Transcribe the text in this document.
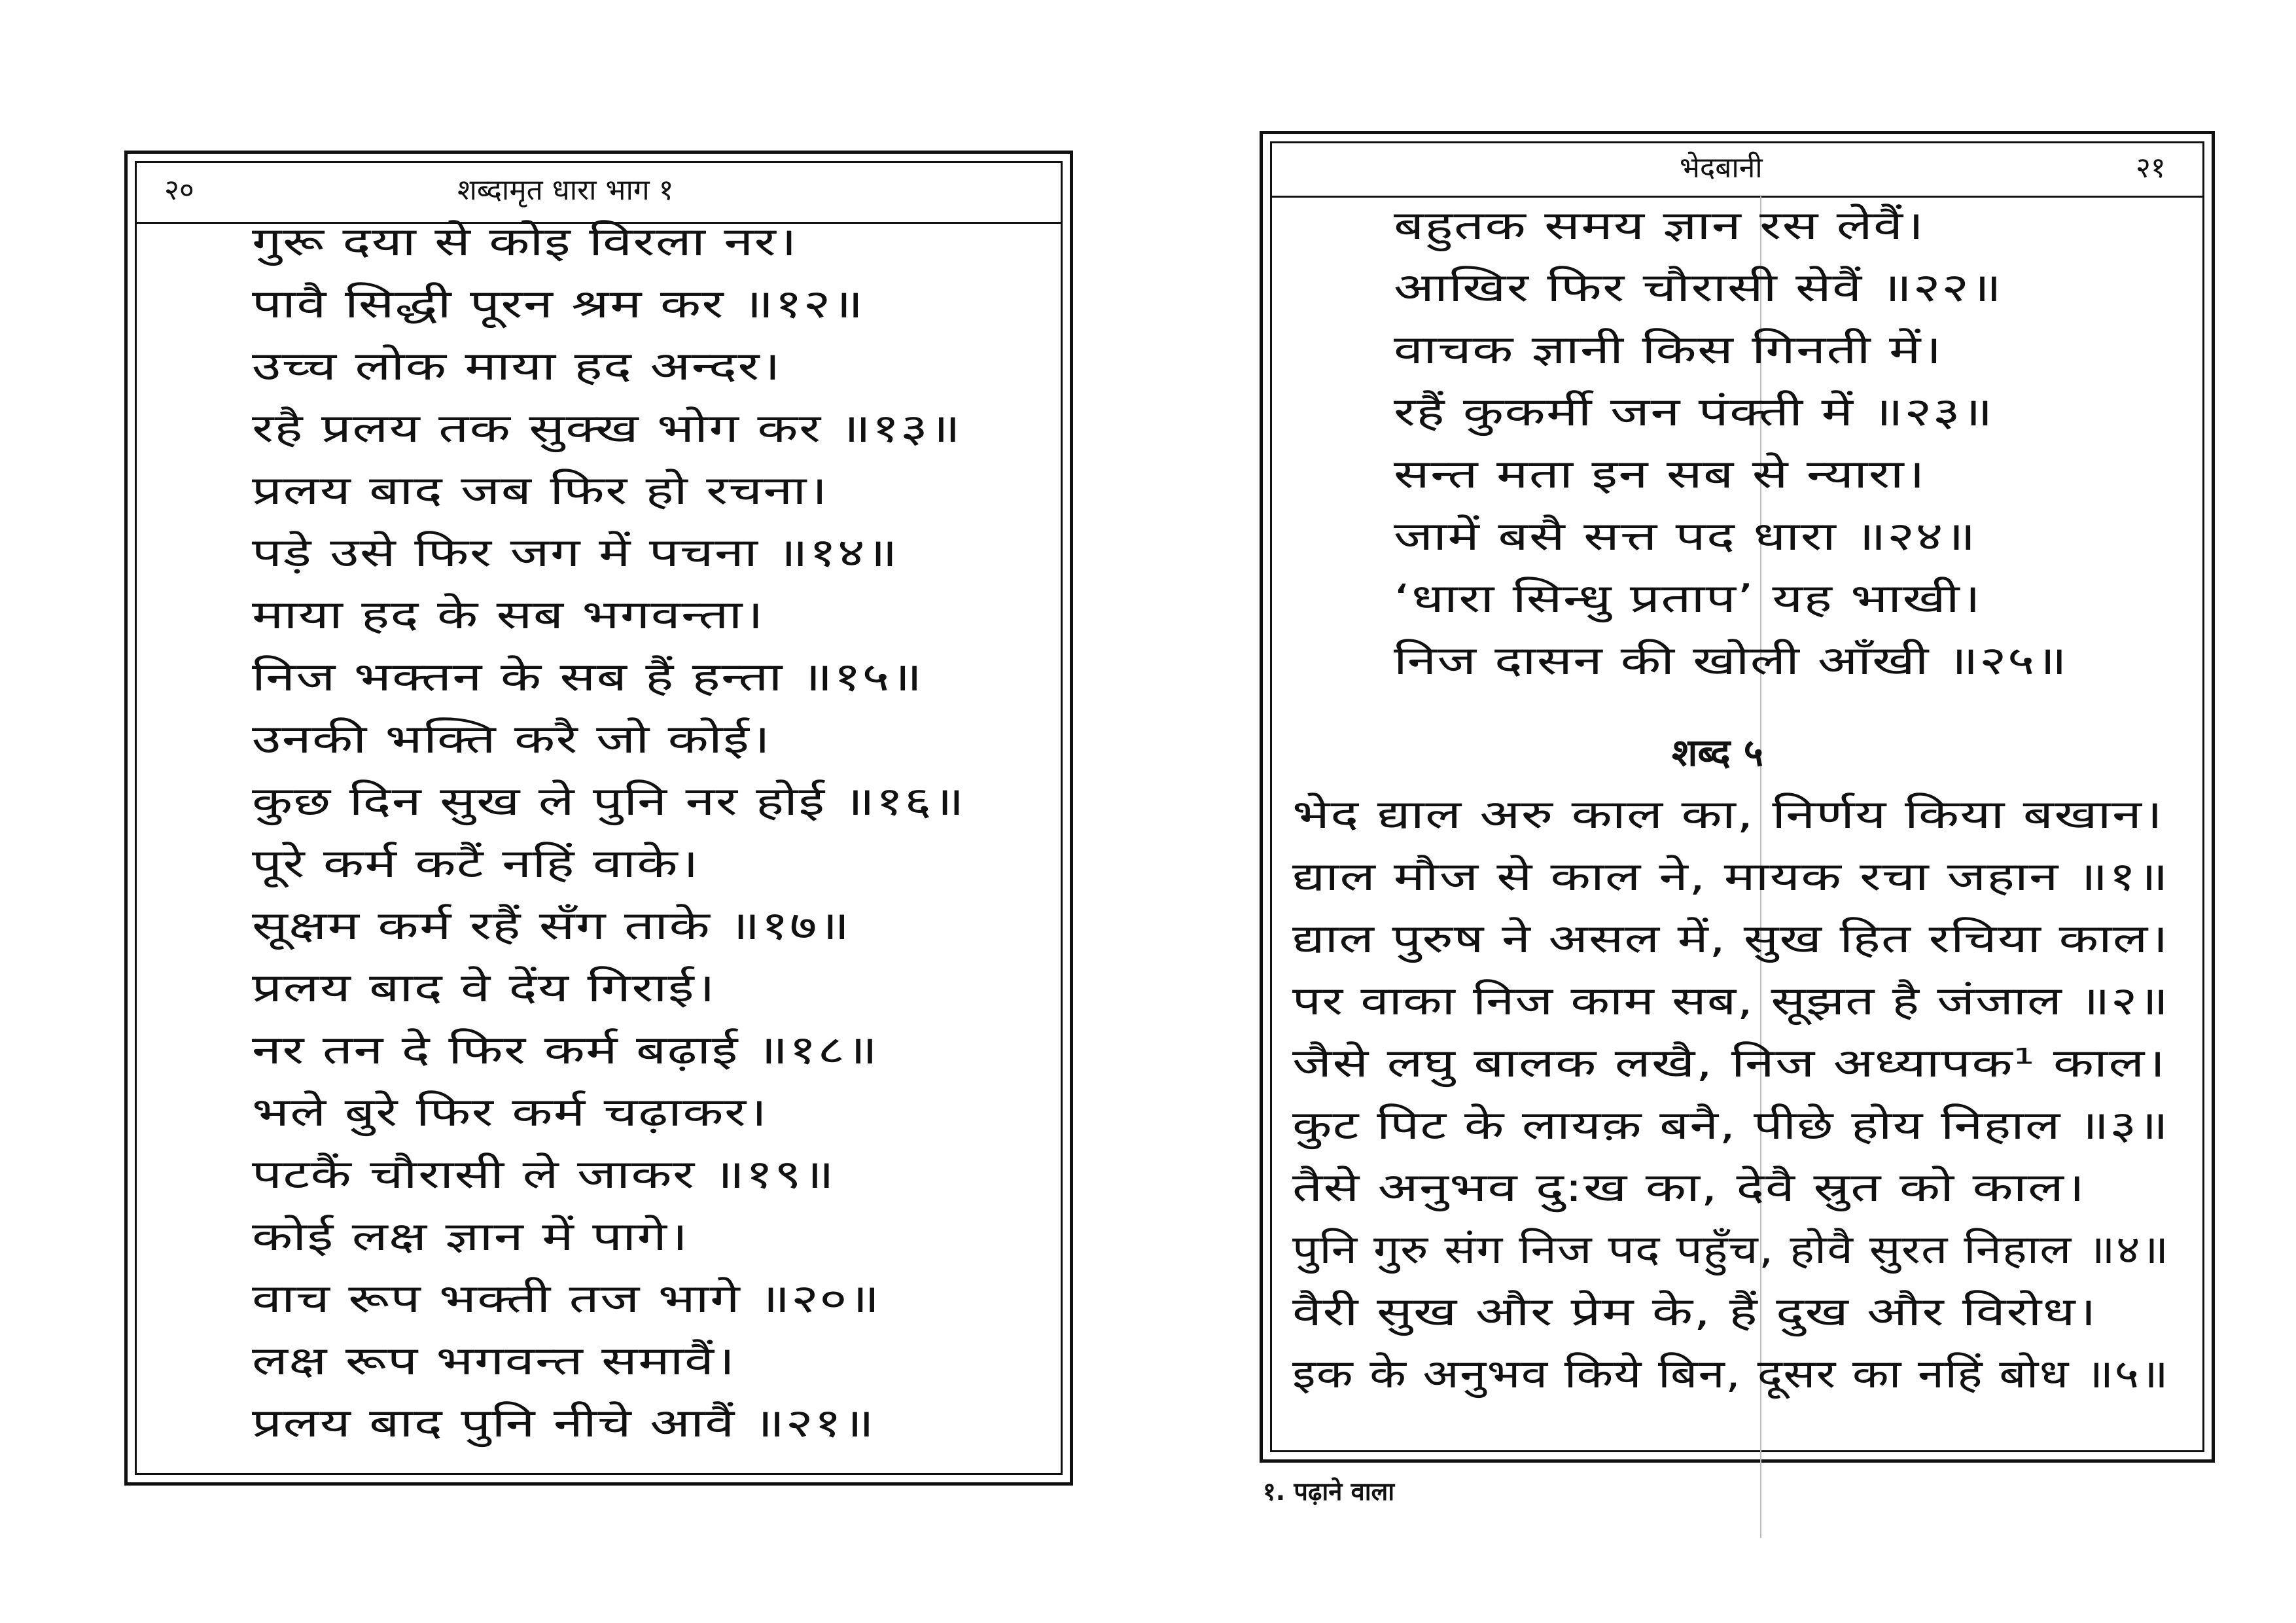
२०	शब्दामृत धारा भाग १
गुरू दया से कोइ विरला नर।
पावै सिद्धी पूरन श्रम कर ॥१२॥
उच्च लोक माया हद अन्दर।
रहै प्रलय तक सुक्ख भोग कर ॥१३॥
प्रलय बाद जब फिर हो रचना।
पड़े उसे फिर जग में पचना ॥१४॥
माया हद के सब भगवन्ता।
निज भक्तन के सब हैं हन्ता ॥१५॥
उनकी भक्ति करै जो कोई।
कुछ दिन सुख ले पुनि नर होई ॥१६॥
पूरे कर्म कटैं नहिं वाके।
सूक्षम कर्म रहैं सँग ताके ॥१७॥
प्रलय बाद वे देंय गिराई।
नर तन दे फिर कर्म बढ़ाई ॥१८॥
भले बुरे फिर कर्म चढ़ाकर।
पटकैं चौरासी ले जाकर ॥१९॥
कोई लक्ष ज्ञान में पागे।
वाच रूप भक्ती तज भागे ॥२०॥
लक्ष रूप भगवन्त समावैं।
प्रलय बाद पुनि नीचे आवैं ॥२१॥
भेदबानी	२१
बहुतक समय ज्ञान रस लेवैं।
आखिर फिर चौरासी सेवैं ॥२२॥
वाचक ज्ञानी किस गिनती में।
रहैं कुकर्मी जन पंक्ती में ॥२३॥
सन्त मता इन सब से न्यारा।
जामें बसै सत्त पद धारा ॥२४॥
‘धारा सिन्धु प्रताप’ यह भाखी।
निज दासन की खोली आँखी ॥२५॥
शब्द ५
भेद द्याल अरु काल का, निर्णय किया बखान।
द्याल मौज से काल ने, मायक रचा जहान ॥१॥
द्याल पुरुष ने असल में, सुख हित रचिया काल।
पर वाका निज काम सब, सूझत है जंजाल ॥२॥
जैसे लघु बालक लखै, निज अध्यापक¹ काल।
कुट पिट के लायक़ बनै, पीछे होय निहाल ॥३॥
तैसे अनुभव दु:ख का, देवै स्रुत को काल।
पुनि गुरु संग निज पद पहुँच, होवै सुरत निहाल ॥४॥
वैरी सुख और प्रेम के, हैं दुख और विरोध।
इक के अनुभव किये बिन, दूसर का नहिं बोध ॥५॥
१. पढ़ाने वाला
